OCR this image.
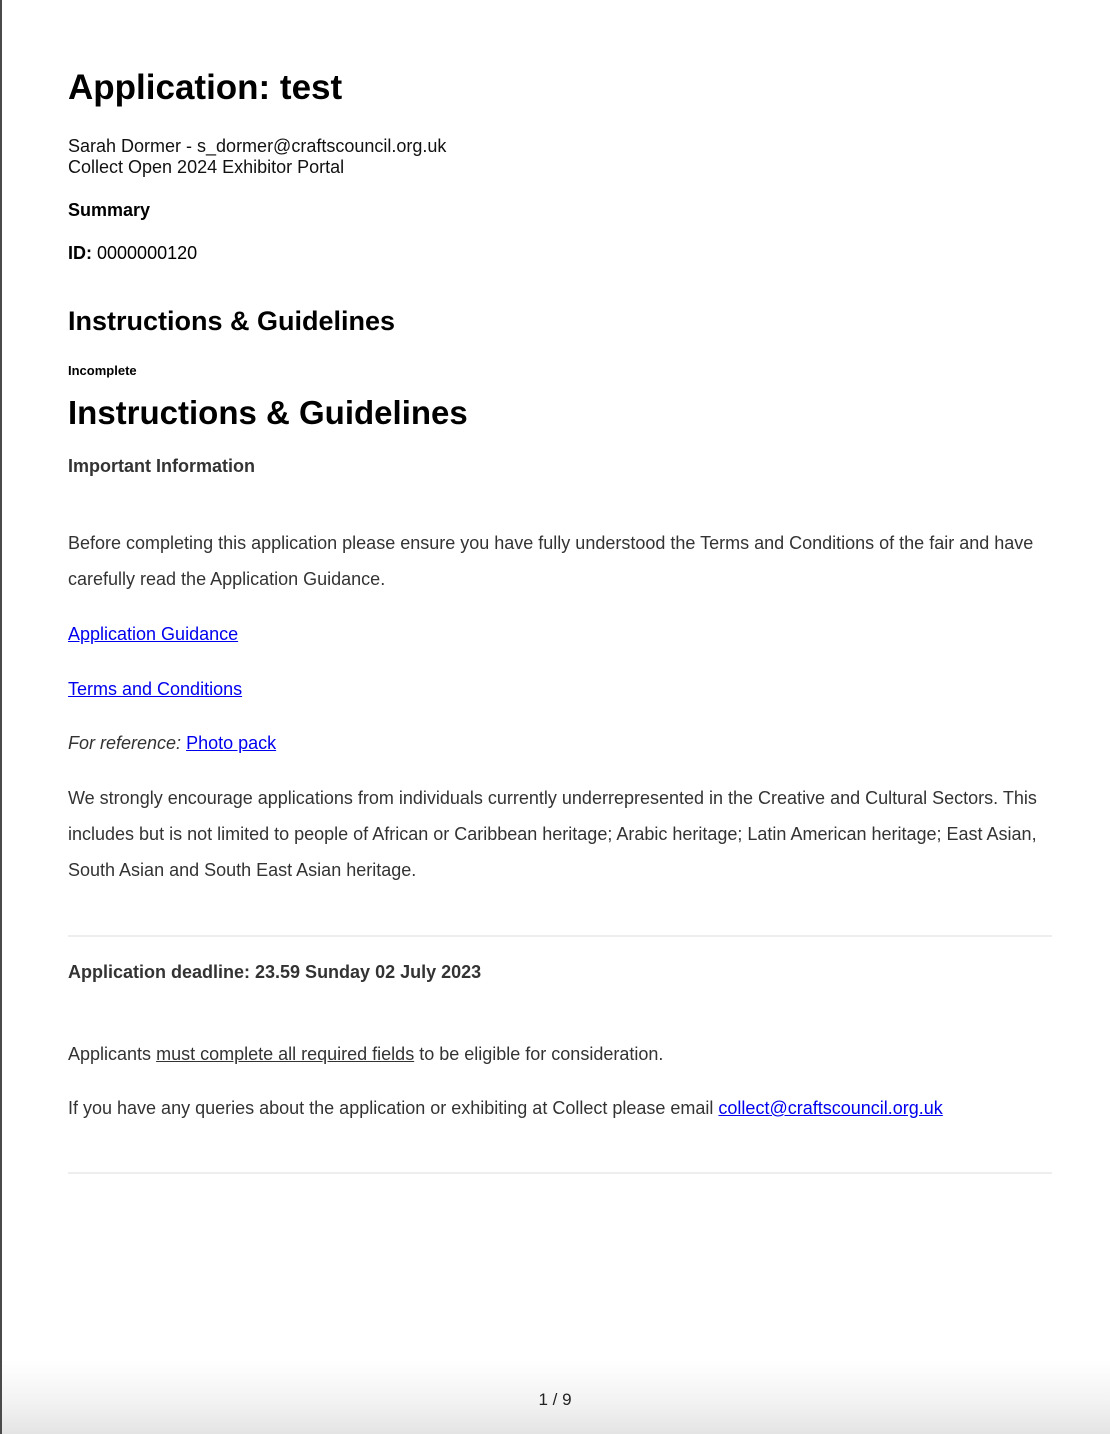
Application: test
Sarah Dormer - s_dormer@craftscouncil.org.uk
Collect Open 2024 Exhibitor Portal
Summary
ID: 0000000120
Instructions & Guidelines
Incomplete
Instructions & Guidelines
Important Information
Before completing this application please ensure you have fully understood the Terms and Conditions of the fair and have carefully read the Application Guidance.
Application Guidance
Terms and Conditions
For reference: Photo pack
We strongly encourage applications from individuals currently underrepresented in the Creative and Cultural Sectors. This includes but is not limited to people of African or Caribbean heritage; Arabic heritage; Latin American heritage; East Asian, South Asian and South East Asian heritage.
Application deadline: 23.59 Sunday 02 July 2023
Applicants must complete all required fields to be eligible for consideration.
If you have any queries about the application or exhibiting at Collect please email collect@craftscouncil.org.uk
1 / 9
